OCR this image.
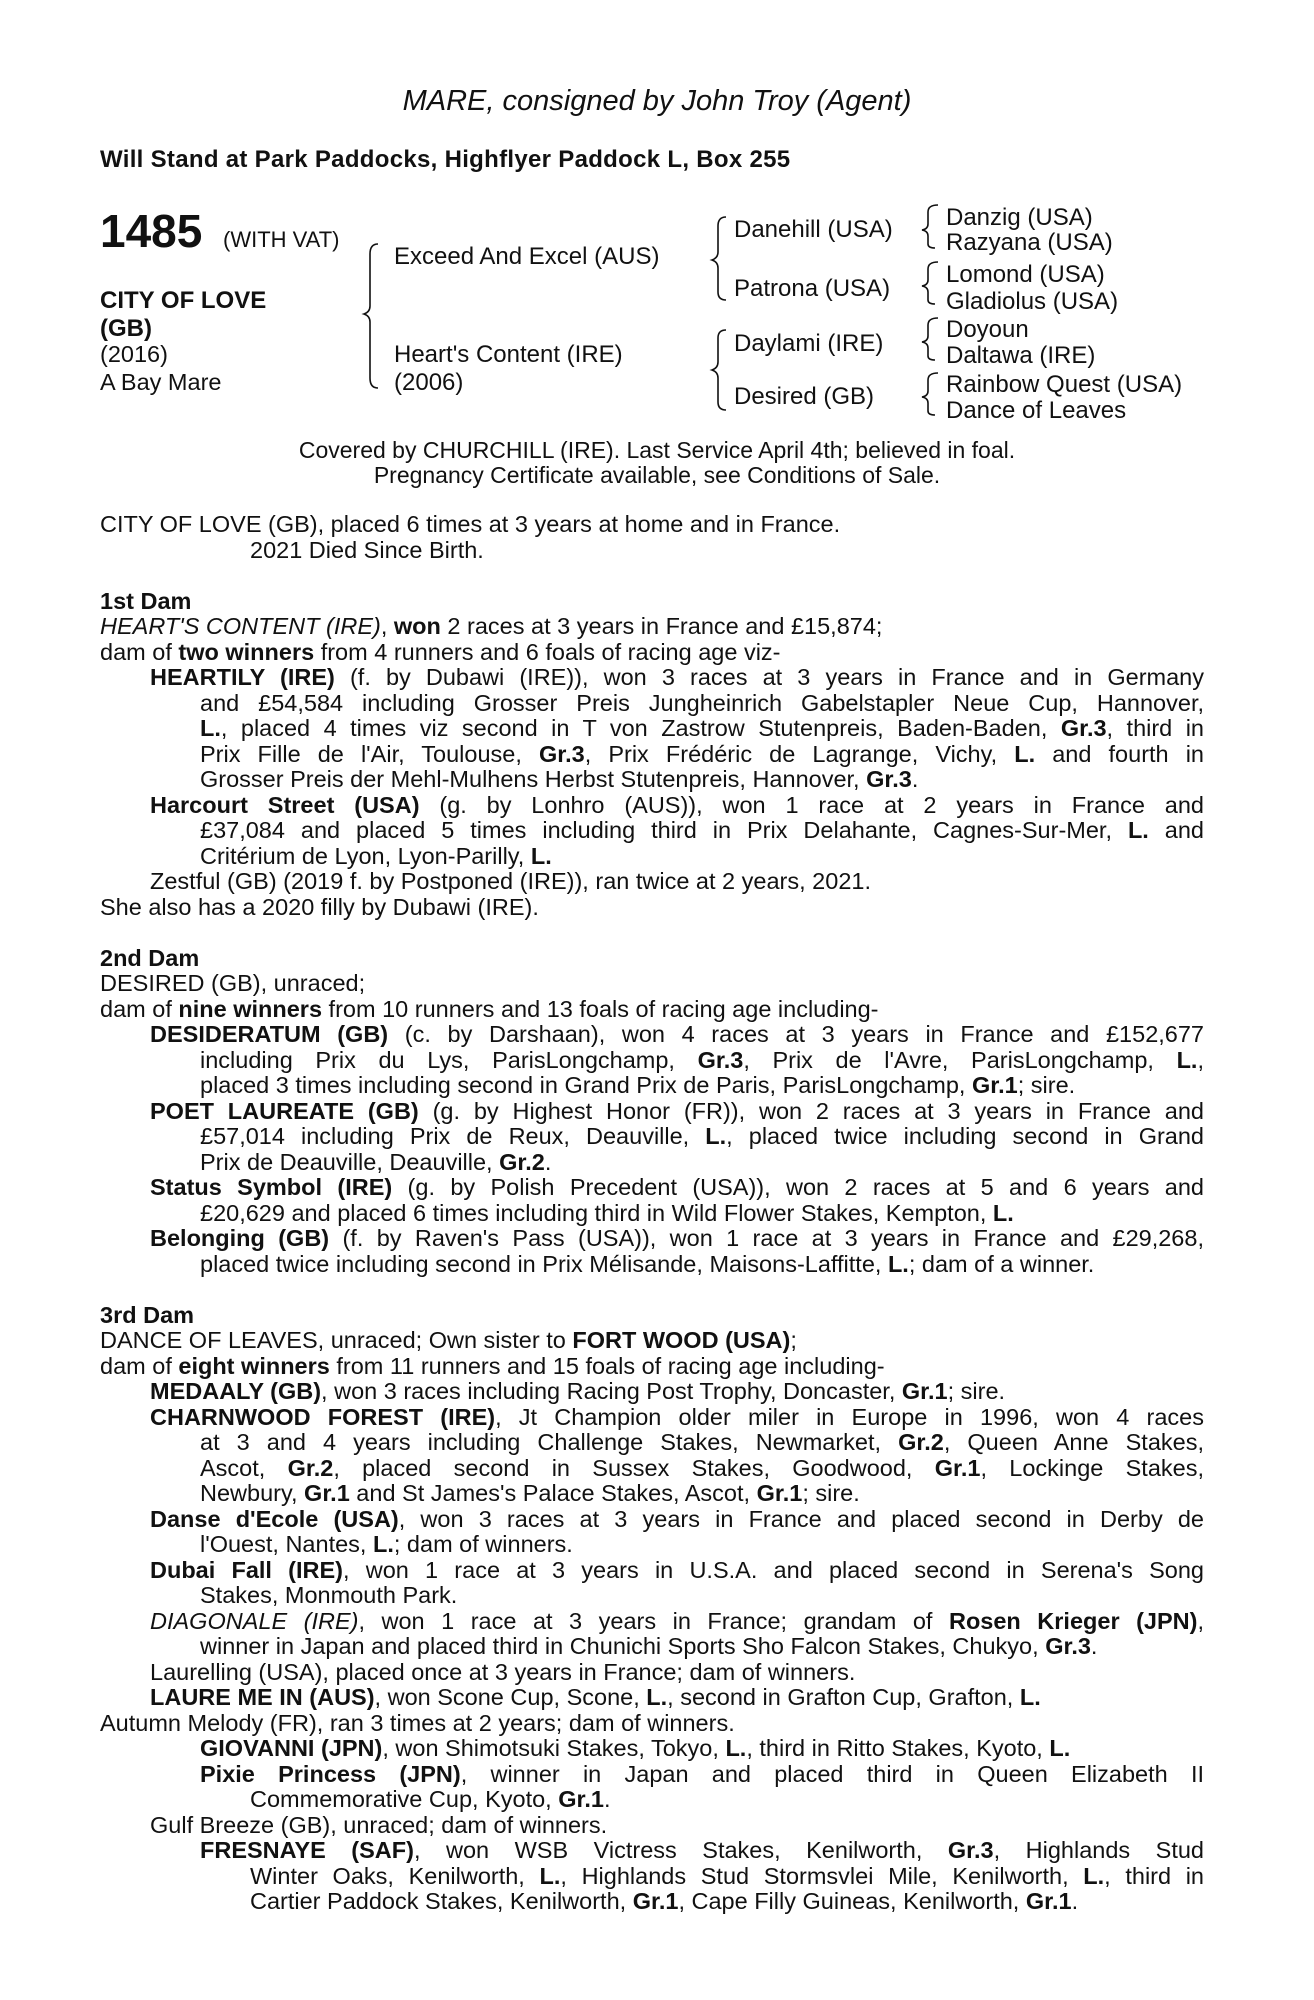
MARE, consigned by John Troy (Agent)
Will Stand at Park Paddocks, Highflyer Paddock L, Box 255
1485 (WITH VAT)
CITY OF LOVE
(GB)
(2016)
A Bay Mare
Exceed And Excel (AUS)
Heart's Content (IRE)
(2006)
Danehill (USA)
Patrona (USA)
Daylami (IRE)
Desired (GB)
Danzig (USA)
Razyana (USA)
Lomond (USA)
Gladiolus (USA)
Doyoun
Daltawa (IRE)
Rainbow Quest (USA)
Dance of Leaves
Covered by CHURCHILL (IRE). Last Service April 4th; believed in foal.
Pregnancy Certificate available, see Conditions of Sale.

CITY OF LOVE (GB), placed 6 times at 3 years at home and in France.

2021 Died Since Birth.

1st Dam

HEART'S CONTENT (IRE), won 2 races at 3 years in France and £15,874;

dam of two winners from 4 runners and 6 foals of racing age viz-

HEARTILY (IRE) (f. by Dubawi (IRE)), won 3 races at 3 years in France and in Germany
and £54,584 including Grosser Preis Jungheinrich Gabelstapler Neue Cup, Hannover,
L., placed 4 times viz second in T von Zastrow Stutenpreis, Baden-Baden, Gr.3, third in
Prix Fille de l'Air, Toulouse, Gr.3, Prix Frédéric de Lagrange, Vichy, L. and fourth in
Grosser Preis der Mehl-Mulhens Herbst Stutenpreis, Hannover, Gr.3.
Harcourt Street (USA) (g. by Lonhro (AUS)), won 1 race at 2 years in France and
£37,084 and placed 5 times including third in Prix Delahante, Cagnes-Sur-Mer, L. and
Critérium de Lyon, Lyon-Parilly, L.

Zestful (GB) (2019 f. by Postponed (IRE)), ran twice at 2 years, 2021.

She also has a 2020 filly by Dubawi (IRE).

2nd Dam

DESIRED (GB), unraced;

dam of nine winners from 10 runners and 13 foals of racing age including-

DESIDERATUM (GB) (c. by Darshaan), won 4 races at 3 years in France and £152,677
including Prix du Lys, ParisLongchamp, Gr.3, Prix de l'Avre, ParisLongchamp, L.,
placed 3 times including second in Grand Prix de Paris, ParisLongchamp, Gr.1; sire.
POET LAUREATE (GB) (g. by Highest Honor (FR)), won 2 races at 3 years in France and
£57,014 including Prix de Reux, Deauville, L., placed twice including second in Grand
Prix de Deauville, Deauville, Gr.2.
Status Symbol (IRE) (g. by Polish Precedent (USA)), won 2 races at 5 and 6 years and
£20,629 and placed 6 times including third in Wild Flower Stakes, Kempton, L.
Belonging (GB) (f. by Raven's Pass (USA)), won 1 race at 3 years in France and £29,268,
placed twice including second in Prix Mélisande, Maisons-Laffitte, L.; dam of a winner.

3rd Dam

DANCE OF LEAVES, unraced; Own sister to FORT WOOD (USA);

dam of eight winners from 11 runners and 15 foals of racing age including-

MEDAALY (GB), won 3 races including Racing Post Trophy, Doncaster, Gr.1; sire.

CHARNWOOD FOREST (IRE), Jt Champion older miler in Europe in 1996, won 4 races
at 3 and 4 years including Challenge Stakes, Newmarket, Gr.2, Queen Anne Stakes,
Ascot, Gr.2, placed second in Sussex Stakes, Goodwood, Gr.1, Lockinge Stakes,
Newbury, Gr.1 and St James's Palace Stakes, Ascot, Gr.1; sire.
Danse d'Ecole (USA), won 3 races at 3 years in France and placed second in Derby de
l'Ouest, Nantes, L.; dam of winners.
Dubai Fall (IRE), won 1 race at 3 years in U.S.A. and placed second in Serena's Song
Stakes, Monmouth Park.
DIAGONALE (IRE), won 1 race at 3 years in France; grandam of Rosen Krieger (JPN),
winner in Japan and placed third in Chunichi Sports Sho Falcon Stakes, Chukyo, Gr.3.

Laurelling (USA), placed once at 3 years in France; dam of winners.

LAURE ME IN (AUS), won Scone Cup, Scone, L., second in Grafton Cup, Grafton, L.

Autumn Melody (FR), ran 3 times at 2 years; dam of winners.

GIOVANNI (JPN), won Shimotsuki Stakes, Tokyo, L., third in Ritto Stakes, Kyoto, L.

Pixie Princess (JPN), winner in Japan and placed third in Queen Elizabeth II
Commemorative Cup, Kyoto, Gr.1.

Gulf Breeze (GB), unraced; dam of winners.

FRESNAYE (SAF), won WSB Victress Stakes, Kenilworth, Gr.3, Highlands Stud
Winter Oaks, Kenilworth, L., Highlands Stud Stormsvlei Mile, Kenilworth, L., third in
Cartier Paddock Stakes, Kenilworth, Gr.1, Cape Filly Guineas, Kenilworth, Gr.1.
